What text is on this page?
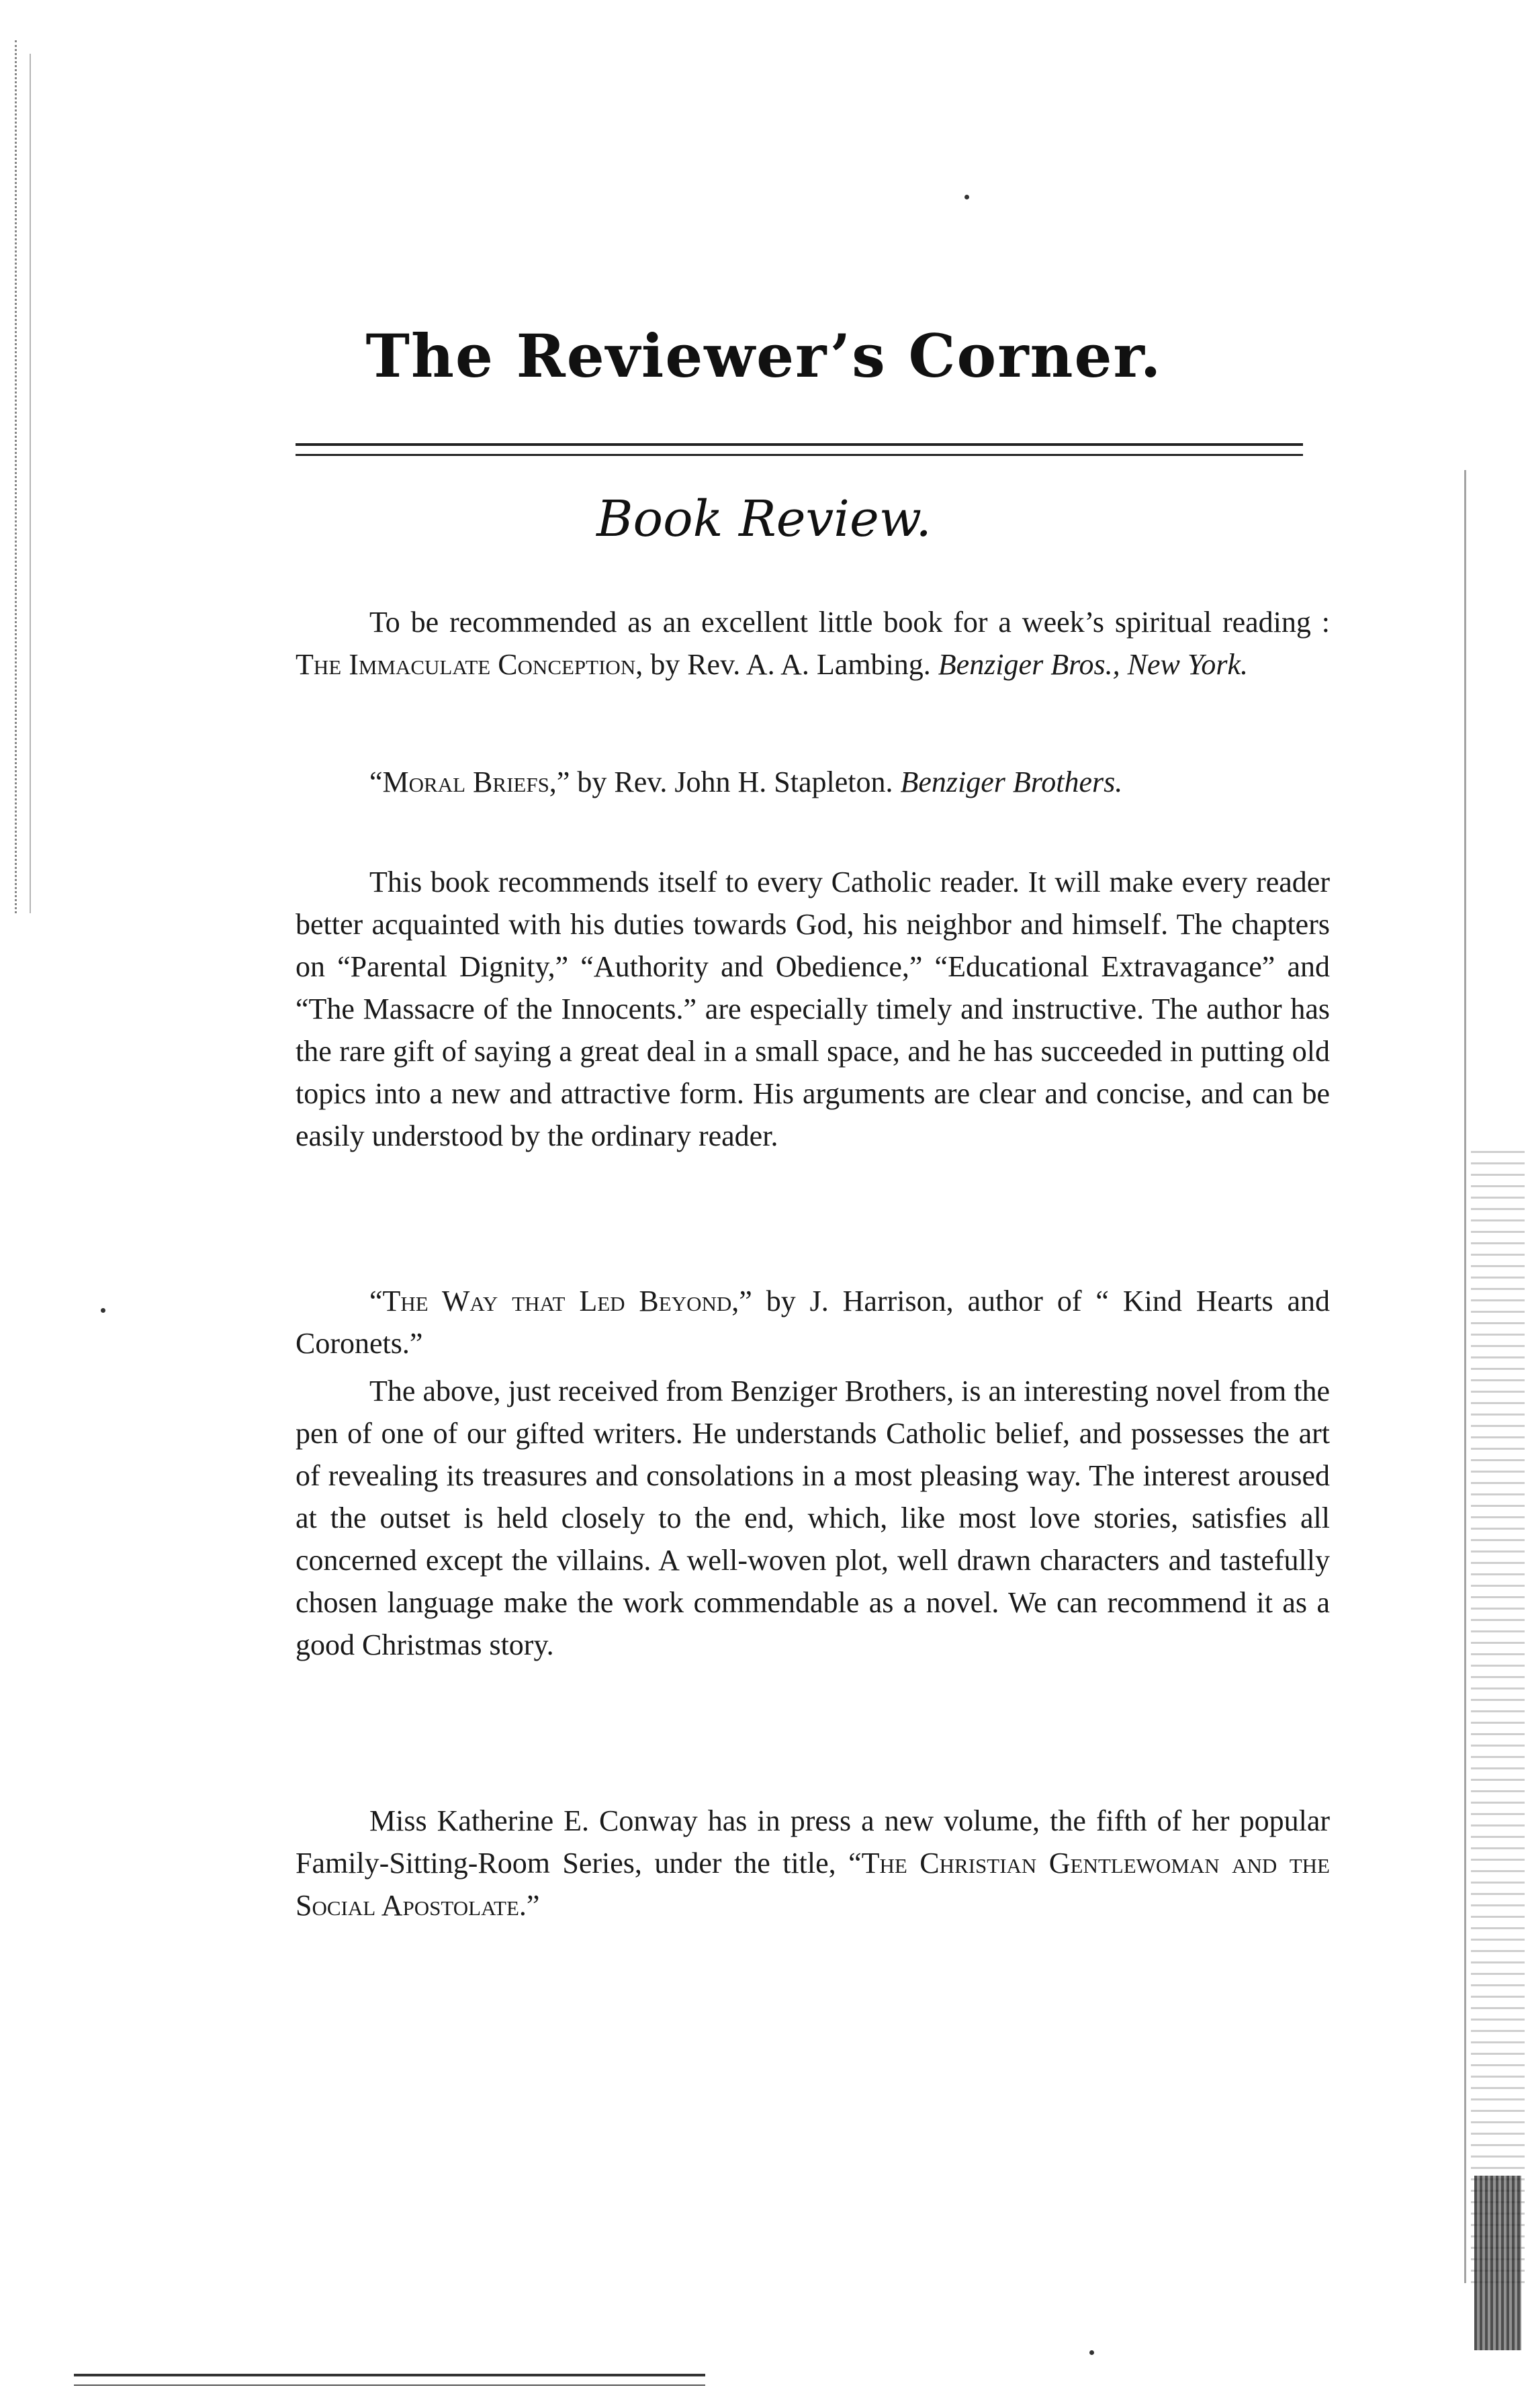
The Reviewer’s Corner.
Book Review.

To be recommended as an excellent little book for a week’s spiritual reading : The Immaculate Conception, by Rev. A. A. Lambing. Benziger Bros., New York.

“Moral Briefs,” by Rev. John H. Stapleton. Benziger Brothers.

This book recommends itself to every Catholic reader. It will make every reader better acquainted with his duties towards God, his neighbor and himself. The chapters on “Parental Dignity,” “Authority and Obedience,” “Educational Extravagance” and “The Massacre of the Innocents.” are especially timely and instructive. The author has the rare gift of saying a great deal in a small space, and he has succeeded in putting old topics into a new and attractive form. His arguments are clear and concise, and can be easily understood by the ordinary reader.

“The Way that Led Beyond,” by J. Harrison, author of “ Kind Hearts and Coronets.”

The above, just received from Benziger Brothers, is an interesting novel from the pen of one of our gifted writers. He understands Catholic belief, and possesses the art of revealing its treasures and consolations in a most pleasing way. The interest aroused at the outset is held closely to the end, which, like most love stories, satisfies all concerned except the villains. A well-woven plot, well drawn characters and tastefully chosen language make the work commendable as a novel. We can recommend it as a good Christmas story.

Miss Katherine E. Conway has in press a new volume, the fifth of her popular Family-Sitting-Room Series, under the title, “The Christian Gentlewoman and the Social Apostolate.”
